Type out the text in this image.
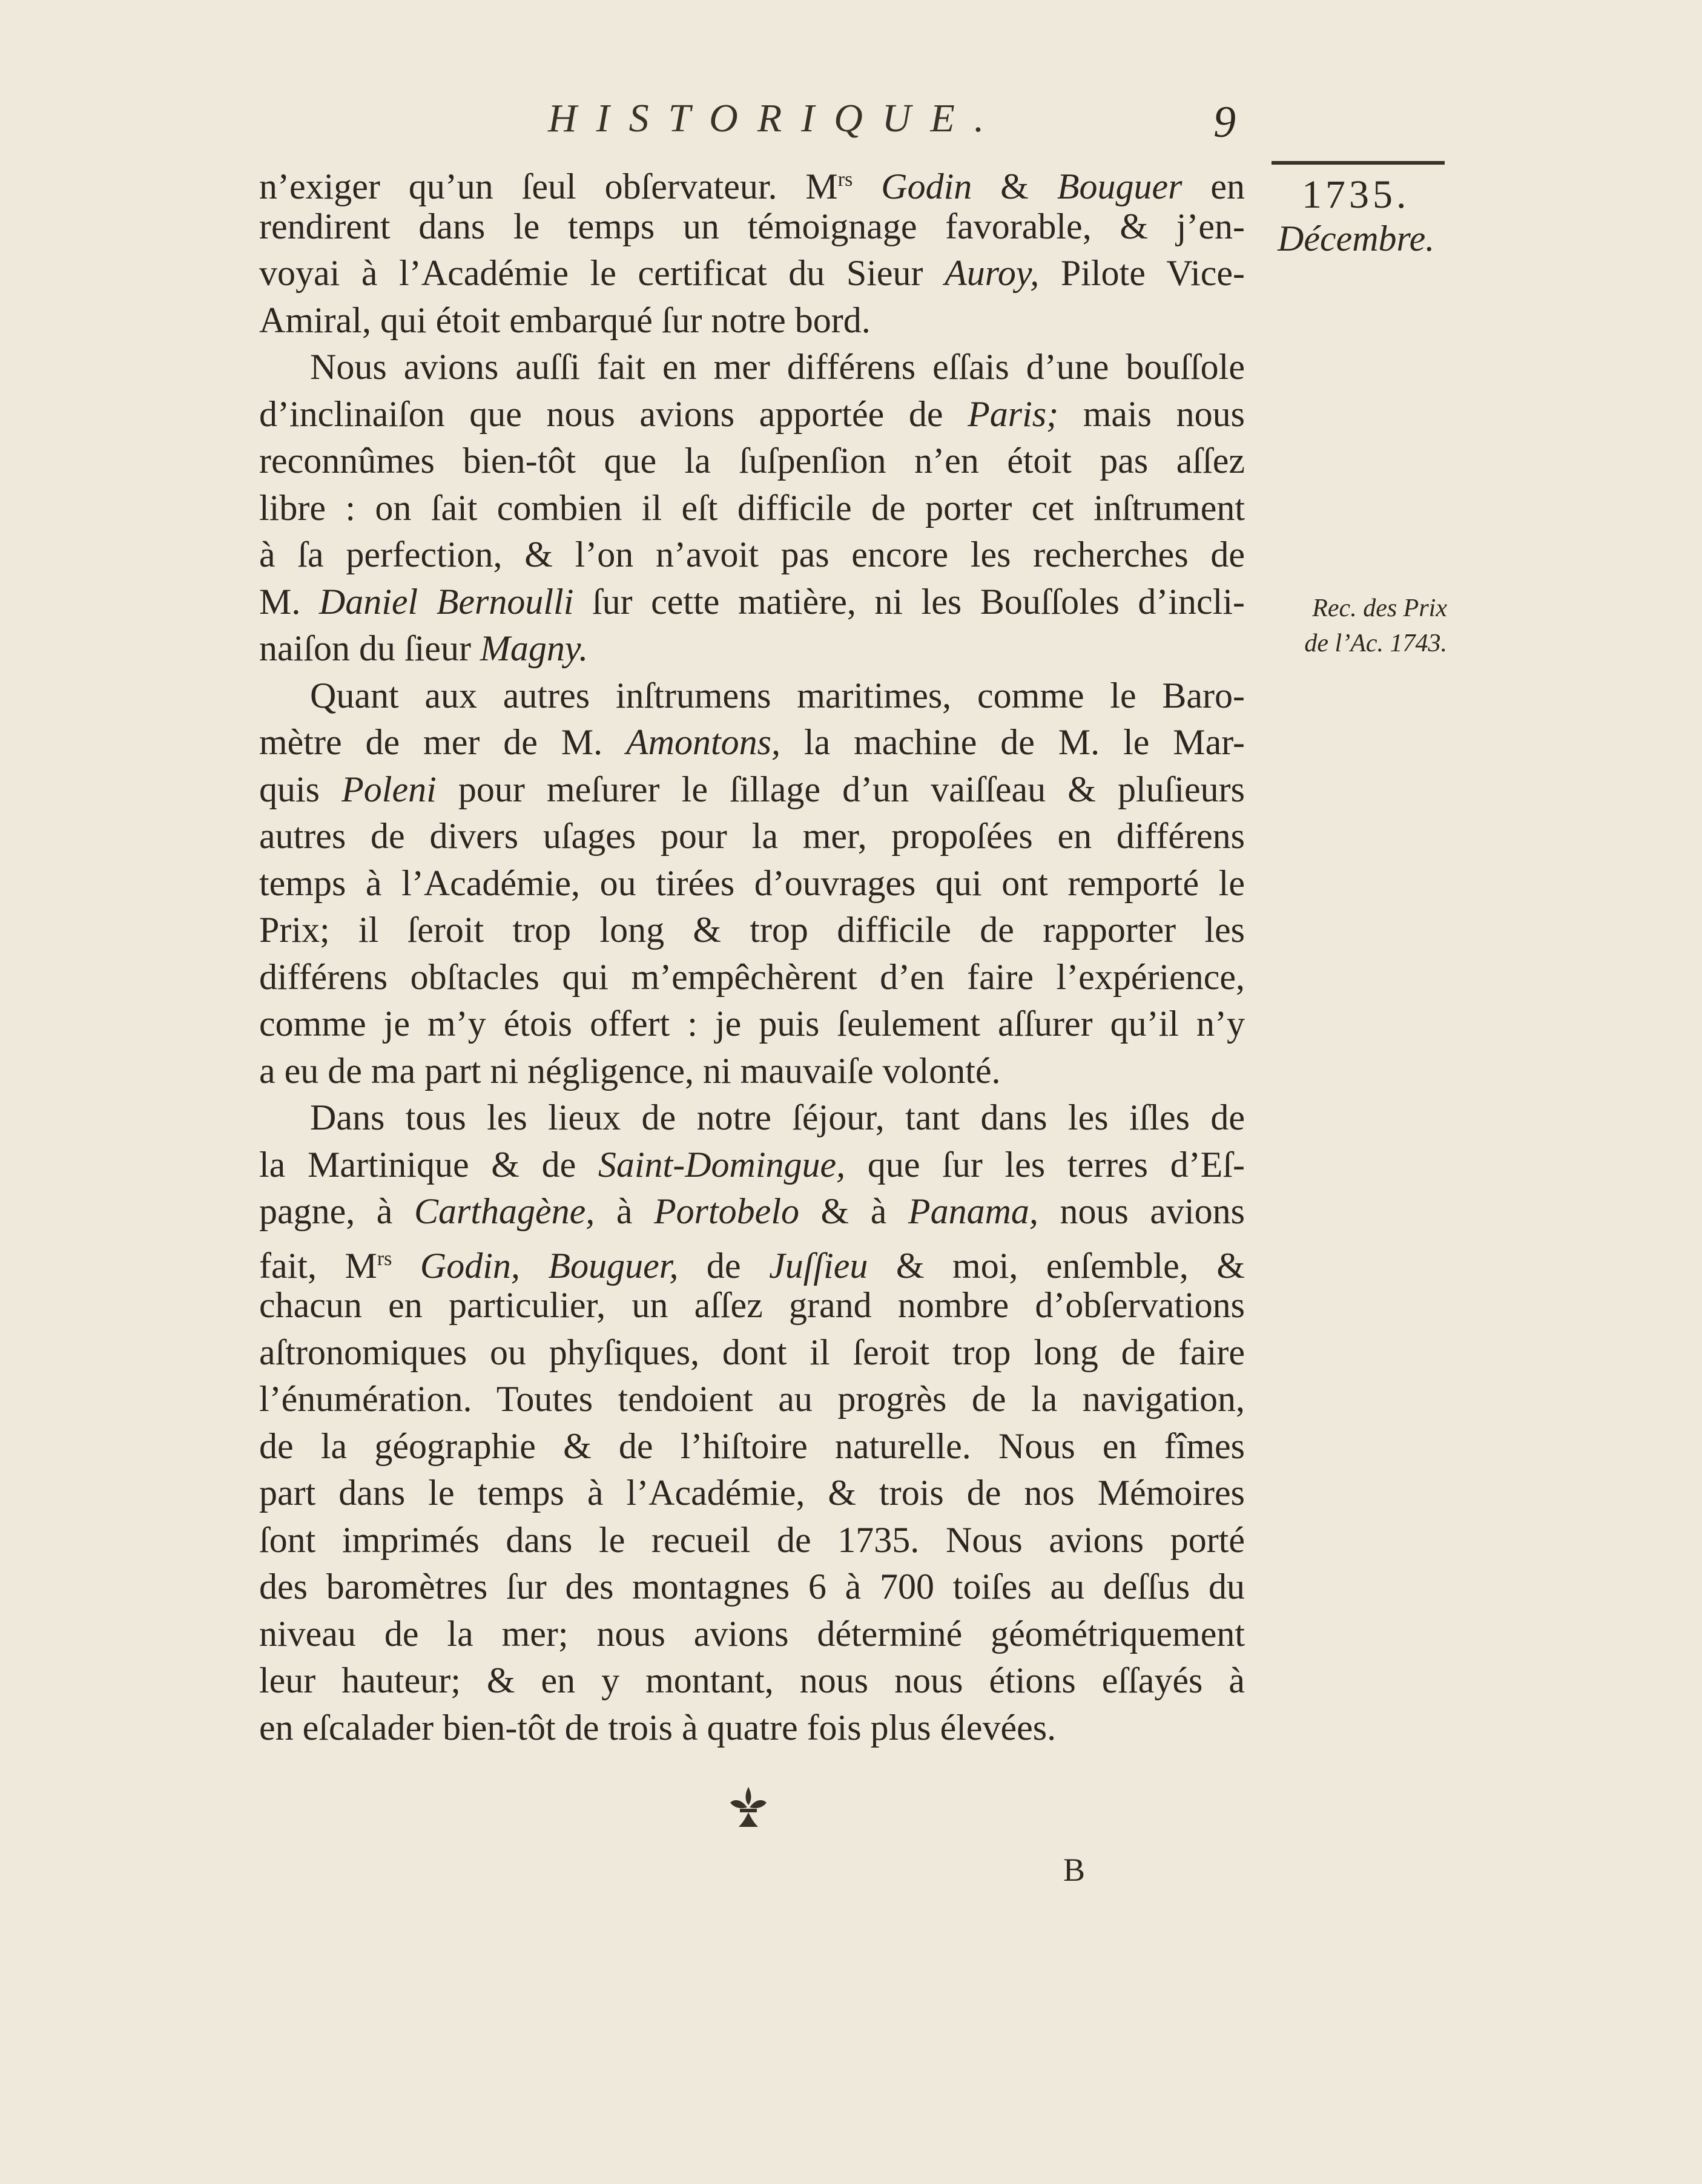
HISTORIQUE.	9
1735.
Décembre.
Rec. des Prix
de l’Ac. 1743.
n’exiger qu’un ſeul obſervateur. $M^{rs}$ Godin & Bouguer en
rendirent dans le temps un témoignage favorable, & j’en-
voyai à l’Académie le certificat du Sieur Auroy, Pilote Vice-
Amiral, qui étoit embarqué ſur notre bord.
Nous avions auſſi fait en mer différens eſſais d’une bouſſole
d’inclinaiſon que nous avions apportée de Paris; mais nous
reconnûmes bien-tôt que la ſuſpenſion n’en étoit pas aſſez
libre : on ſait combien il eſt difficile de porter cet inſtrument
à ſa perfection, & l’on n’avoit pas encore les recherches de
M. Daniel Bernoulli ſur cette matière, ni les Bouſſoles d’incli-
naiſon du ſieur Magny.
Quant aux autres inſtrumens maritimes, comme le Baro-
mètre de mer de M. Amontons, la machine de M. le Mar-
quis Poleni pour meſurer le ſillage d’un vaiſſeau & pluſieurs
autres de divers uſages pour la mer, propoſées en différens
temps à l’Académie, ou tirées d’ouvrages qui ont remporté le
Prix; il ſeroit trop long & trop difficile de rapporter les
différens obſtacles qui m’empêchèrent d’en faire l’expérience,
comme je m’y étois offert : je puis ſeulement aſſurer qu’il n’y
a eu de ma part ni négligence, ni mauvaiſe volonté.
Dans tous les lieux de notre ſéjour, tant dans les iſles de
la Martinique & de Saint-Domingue, que ſur les terres d’Eſ-
pagne, à Carthagène, à Portobelo & à Panama, nous avions
fait, $M^{rs}$ Godin, Bouguer, de Juſſieu & moi, enſemble, &
chacun en particulier, un aſſez grand nombre d’obſervations
aſtronomiques ou phyſiques, dont il ſeroit trop long de faire
l’énumération. Toutes tendoient au progrès de la navigation,
de la géographie & de l’hiſtoire naturelle. Nous en fîmes
part dans le temps à l’Académie, & trois de nos Mémoires
ſont imprimés dans le recueil de 1735. Nous avions porté
des baromètres ſur des montagnes 6 à 700 toiſes au deſſus du
niveau de la mer; nous avions déterminé géométriquement
leur hauteur; & en y montant, nous nous étions eſſayés à
en eſcalader bien-tôt de trois à quatre fois plus élevées.
B
